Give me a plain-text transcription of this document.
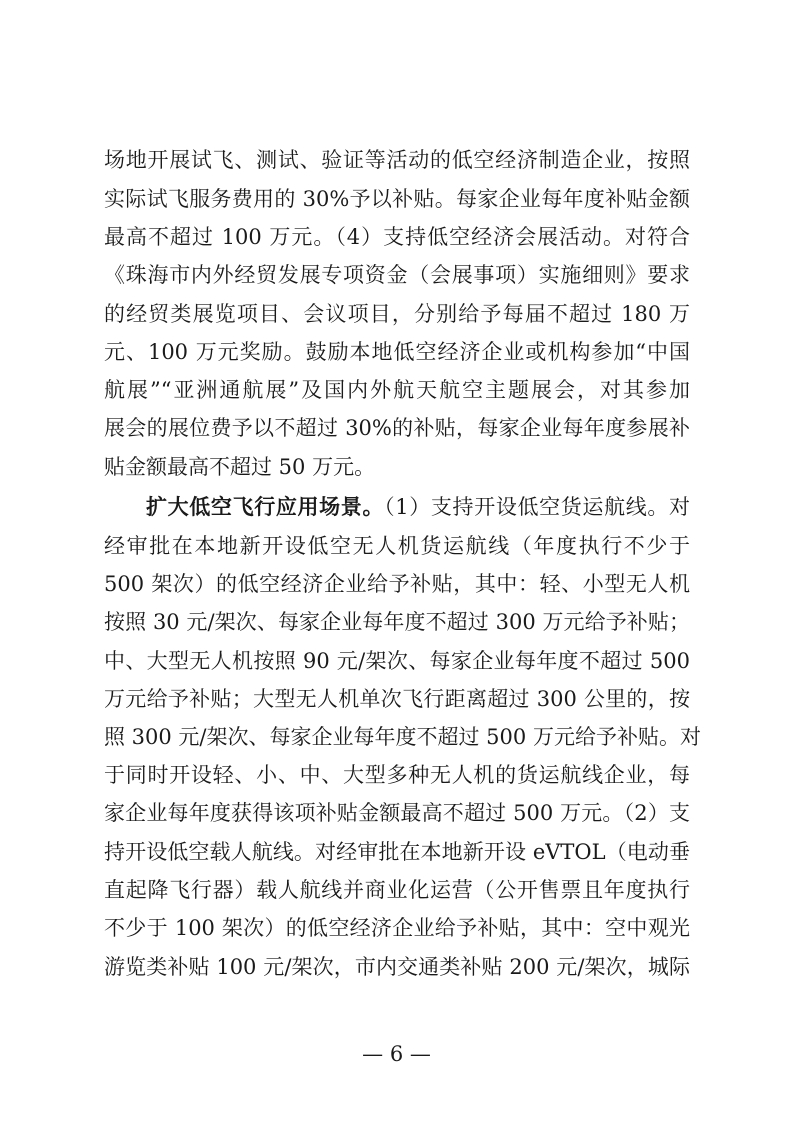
场地开展试飞、测试、验证等活动的低空经济制造企业，按照
实际试飞服务费用的 30%予以补贴。每家企业每年度补贴金额
最高不超过 100 万元。（4）支持低空经济会展活动。对符合
《珠海市内外经贸发展专项资金（会展事项）实施细则》要求
的经贸类展览项目、会议项目，分别给予每届不超过 180 万
元、100 万元奖励。鼓励本地低空经济企业或机构参加“中国
航展”“亚洲通航展”及国内外航天航空主题展会，对其参加
展会的展位费予以不超过 30%的补贴，每家企业每年度参展补
贴金额最高不超过 50 万元。
扩大低空飞行应用场景。（1）支持开设低空货运航线。对
经审批在本地新开设低空无人机货运航线（年度执行不少于
500 架次）的低空经济企业给予补贴，其中：轻、小型无人机
按照 30 元/架次、每家企业每年度不超过 300 万元给予补贴；
中、大型无人机按照 90 元/架次、每家企业每年度不超过 500
万元给予补贴；大型无人机单次飞行距离超过 300 公里的，按
照 300 元/架次、每家企业每年度不超过 500 万元给予补贴。对
于同时开设轻、小、中、大型多种无人机的货运航线企业，每
家企业每年度获得该项补贴金额最高不超过 500 万元。（2）支
持开设低空载人航线。对经审批在本地新开设 eVTOL（电动垂
直起降飞行器）载人航线并商业化运营（公开售票且年度执行
不少于 100 架次）的低空经济企业给予补贴，其中：空中观光
游览类补贴 100 元/架次，市内交通类补贴 200 元/架次，城际
— 6 —
